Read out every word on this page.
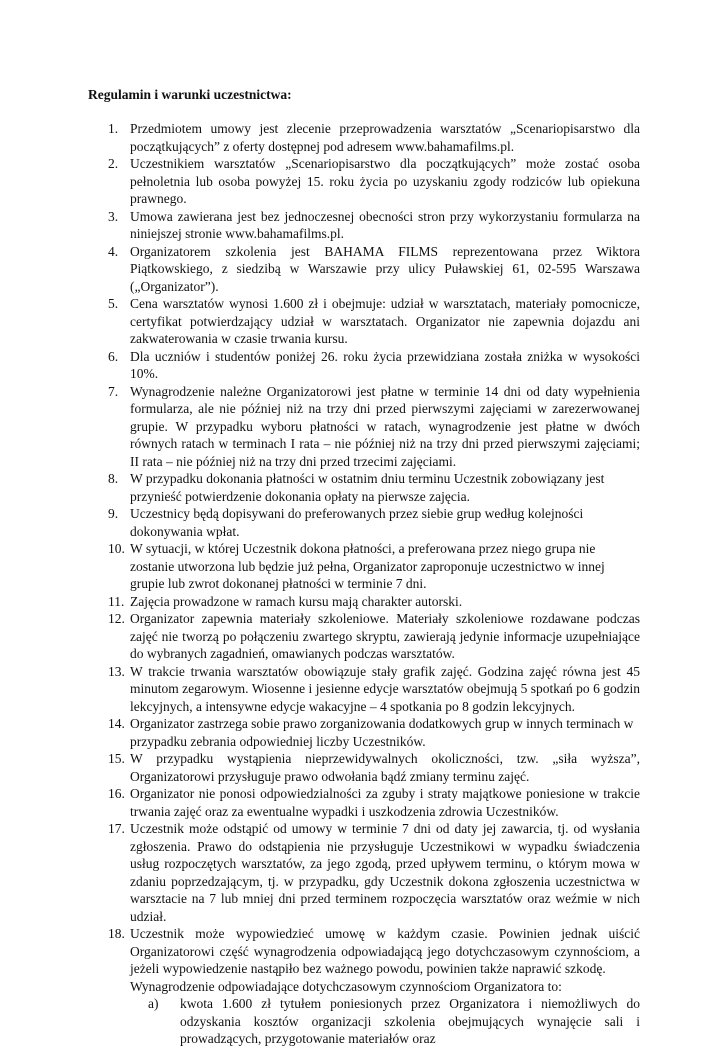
Regulamin i warunki uczestnictwa:
1. Przedmiotem umowy jest zlecenie przeprowadzenia warsztatów „Scenariopisarstwo dla początkujących” z oferty dostępnej pod adresem www.bahamafilms.pl.
2. Uczestnikiem warsztatów „Scenariopisarstwo dla początkujących” może zostać osoba pełnoletnia lub osoba powyżej 15. roku życia po uzyskaniu zgody rodziców lub opiekuna prawnego.
3. Umowa zawierana jest bez jednoczesnej obecności stron przy wykorzystaniu formularza na niniejszej stronie www.bahamafilms.pl.
4. Organizatorem szkolenia jest BAHAMA FILMS reprezentowana przez Wiktora Piątkowskiego, z siedzibą w Warszawie przy ulicy Puławskiej 61, 02-595 Warszawa („Organizator”).
5. Cena warsztatów wynosi 1.600 zł i obejmuje: udział w warsztatach, materiały pomocnicze, certyfikat potwierdzający udział w warsztatach. Organizator nie zapewnia dojazdu ani zakwaterowania w czasie trwania kursu.
6. Dla uczniów i studentów poniżej 26. roku życia przewidziana została zniżka w wysokości 10%.
7. Wynagrodzenie należne Organizatorowi jest płatne w terminie 14 dni od daty wypełnienia formularza, ale nie później niż na trzy dni przed pierwszymi zajęciami w zarezerwowanej grupie. W przypadku wyboru płatności w ratach, wynagrodzenie jest płatne w dwóch równych ratach w terminach I rata – nie później niż na trzy dni przed pierwszymi zajęciami; II rata – nie później niż na trzy dni przed trzecimi zajęciami.
8. W przypadku dokonania płatności w ostatnim dniu terminu Uczestnik zobowiązany jest przynieść potwierdzenie dokonania opłaty na pierwsze zajęcia.
9. Uczestnicy będą dopisywani do preferowanych przez siebie grup według kolejności dokonywania wpłat.
10. W sytuacji, w której Uczestnik dokona płatności, a preferowana przez niego grupa nie zostanie utworzona lub będzie już pełna, Organizator zaproponuje uczestnictwo w innej grupie lub zwrot dokonanej płatności w terminie 7 dni.
11. Zajęcia prowadzone w ramach kursu mają charakter autorski.
12. Organizator zapewnia materiały szkoleniowe. Materiały szkoleniowe rozdawane podczas zajęć nie tworzą po połączeniu zwartego skryptu, zawierają jedynie informacje uzupełniające do wybranych zagadnień, omawianych podczas warsztatów.
13. W trakcie trwania warsztatów obowiązuje stały grafik zajęć. Godzina zajęć równa jest 45 minutom zegarowym. Wiosenne i jesienne edycje warsztatów obejmują 5 spotkań po 6 godzin lekcyjnych, a intensywne edycje wakacyjne – 4 spotkania po 8 godzin lekcyjnych.
14. Organizator zastrzega sobie prawo zorganizowania dodatkowych grup w innych terminach w przypadku zebrania odpowiedniej liczby Uczestników.
15. W przypadku wystąpienia nieprzewidywalnych okoliczności, tzw. „siła wyższa”, Organizatorowi przysługuje prawo odwołania bądź zmiany terminu zajęć.
16. Organizator nie ponosi odpowiedzialności za zguby i straty majątkowe poniesione w trakcie trwania zajęć oraz za ewentualne wypadki i uszkodzenia zdrowia Uczestników.
17. Uczestnik może odstąpić od umowy w terminie 7 dni od daty jej zawarcia, tj. od wysłania zgłoszenia. Prawo do odstąpienia nie przysługuje Uczestnikowi w wypadku świadczenia usług rozpoczętych warsztatów, za jego zgodą, przed upływem terminu, o którym mowa w zdaniu poprzedzającym, tj. w przypadku, gdy Uczestnik dokona zgłoszenia uczestnictwa w warsztacie na 7 lub mniej dni przed terminem rozpoczęcia warsztatów oraz weźmie w nich udział.
18. Uczestnik może wypowiedzieć umowę w każdym czasie. Powinien jednak uiścić Organizatorowi część wynagrodzenia odpowiadającą jego dotychczasowym czynnościom, a jeżeli wypowiedzenie nastąpiło bez ważnego powodu, powinien także naprawić szkodę.
Wynagrodzenie odpowiadające dotychczasowym czynnościom Organizatora to:
a) kwota 1.600 zł tytułem poniesionych przez Organizatora i niemożliwych do odzyskania kosztów organizacji szkolenia obejmujących wynajęcie sali i prowadzących, przygotowanie materiałów oraz
